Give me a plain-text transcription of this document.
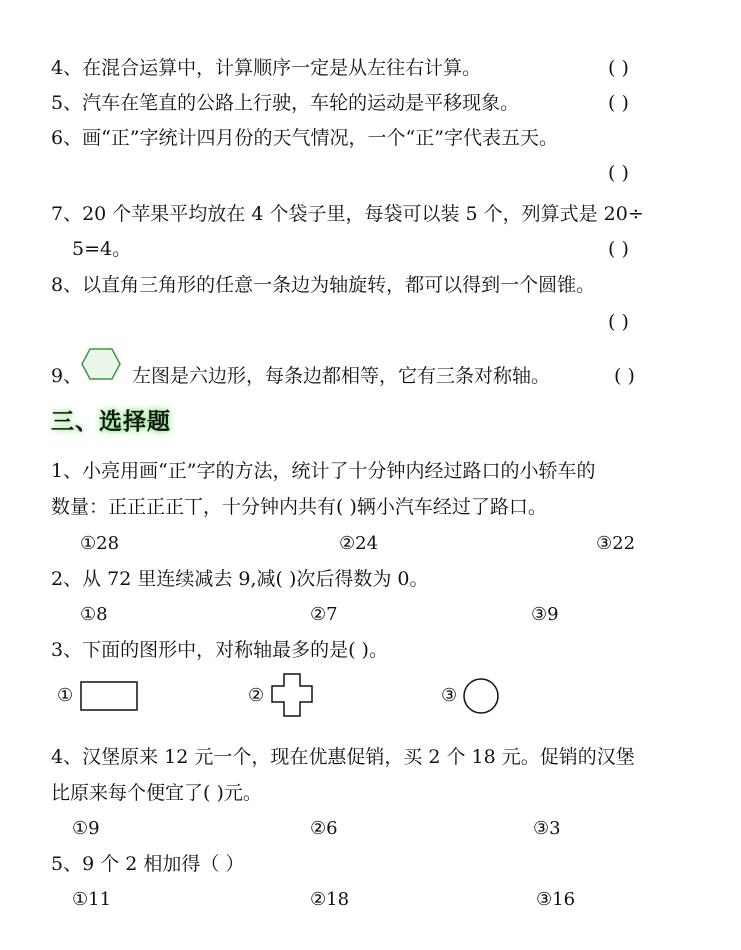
4、在混合运算中，计算顺序一定是从左往右计算。	( )
5、汽车在笔直的公路上行驶，车轮的运动是平移现象。	( )
6、画“正”字统计四月份的天气情况，一个“正”字代表五天。
( )
7、20 个苹果平均放在 4 个袋子里，每袋可以装 5 个，列算式是 20÷
5=4。	( )
8、以直角三角形的任意一条边为轴旋转，都可以得到一个圆锥。
( )
9、	左图是六边形，每条边都相等，它有三条对称轴。	( )
三、选择题
1、小亮用画“正”字的方法，统计了十分钟内经过路口的小轿车的
数量：正正正正丅，十分钟内共有( )辆小汽车经过了路口。
①28	②24	③22
2、从 72 里连续减去 9,减( )次后得数为 0。
①8	②7	③9
3、下面的图形中，对称轴最多的是( )。
①	②	③
4、汉堡原来 12 元一个，现在优惠促销，买 2 个 18 元。促销的汉堡
比原来每个便宜了( )元。
①9	②6	③3
5、9 个 2 相加得（ ）
①11	②18	③16
